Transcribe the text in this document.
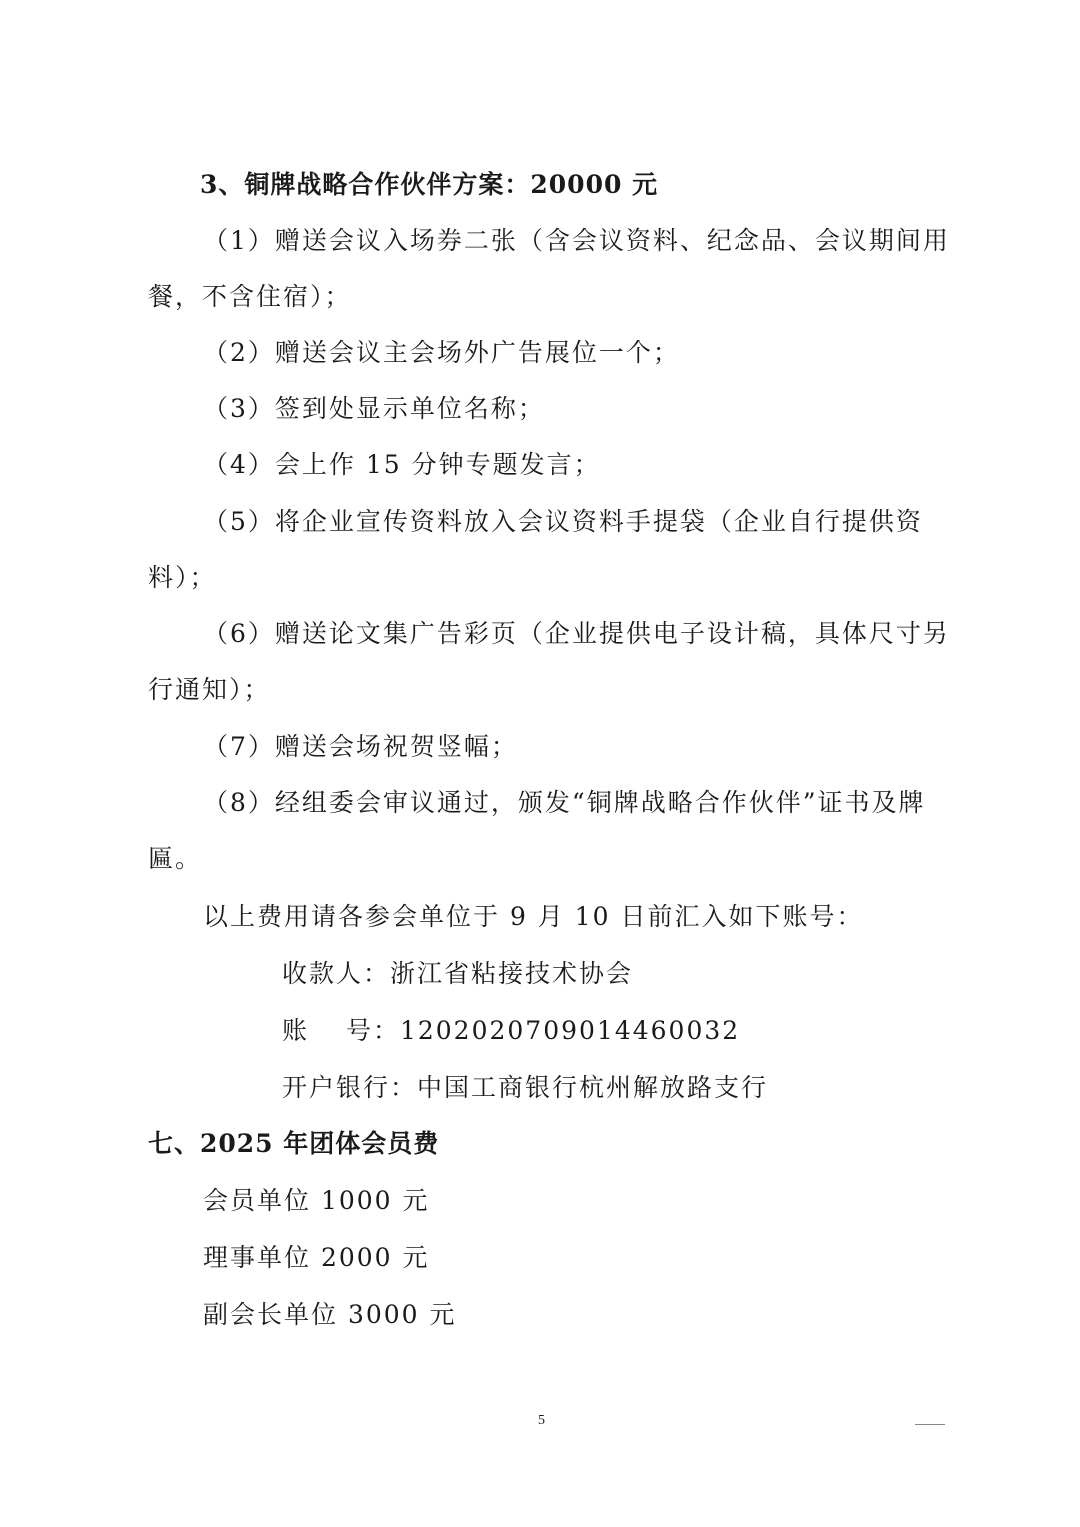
3、铜牌战略合作伙伴方案：20000 元
（1）赠送会议入场券二张（含会议资料、纪念品、会议期间用
餐，不含住宿）；
（2）赠送会议主会场外广告展位一个；
（3）签到处显示单位名称；
（4）会上作 15 分钟专题发言；
（5）将企业宣传资料放入会议资料手提袋（企业自行提供资
料）；
（6）赠送论文集广告彩页（企业提供电子设计稿，具体尺寸另
行通知）；
（7）赠送会场祝贺竖幅；
（8）经组委会审议通过，颁发“铜牌战略合作伙伴”证书及牌
匾。
以上费用请各参会单位于 9 月 10 日前汇入如下账号：
收款人：浙江省粘接技术协会
账　 号：1202020709014460032
开户银行：中国工商银行杭州解放路支行
七、2025 年团体会员费
会员单位 1000 元
理事单位 2000 元
副会长单位 3000 元
5
